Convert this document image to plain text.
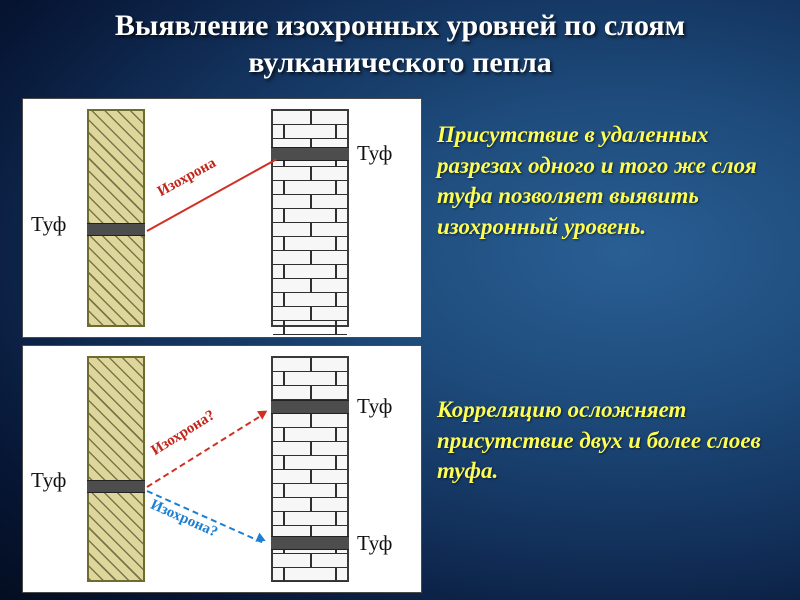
Выявление изохронных уровней по слоям вулканического пепла
Туф
Туф
Изохрона
Туф
Туф
Туф
Изохрона?
Изохрона?
Присутствие в удаленных разрезах одного и того же слоя туфа позволяет выявить изохронный уровень.
Корреляцию осложняет присутствие двух и более слоев туфа.
